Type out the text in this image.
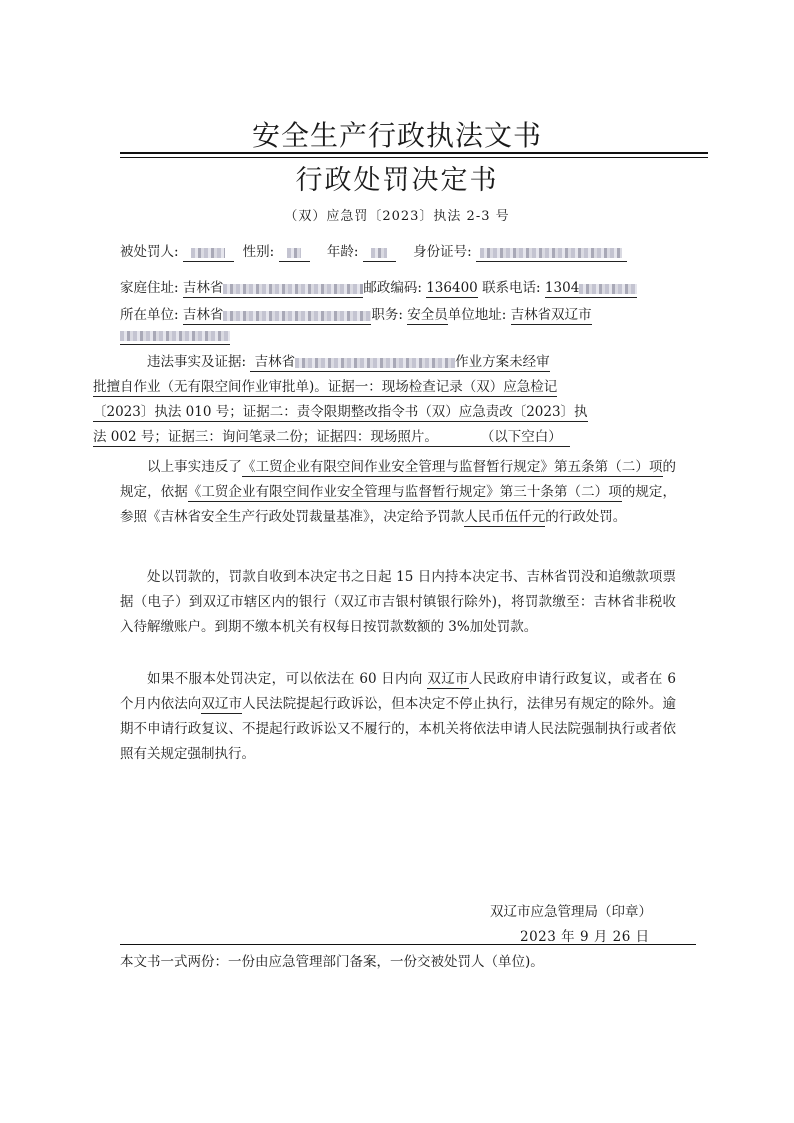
安全生产行政执法文书
行政处罚决定书
（双）应急罚〔2023〕执法 2-3 号
被处罚人:	性别:	年龄:	身份证号:
家庭住址: 吉林省	邮政编码: 136400 联系电话: 1304
所在单位: 吉林省	职务: 安全员单位地址: 吉林省双辽市

违法事实及证据: 吉林省	作业方案未经审
批擅自作业（无有限空间作业审批单)。证据一：现场检查记录（双）应急检记
〔2023〕执法 010 号；证据二：责令限期整改指令书（双）应急责改〔2023〕执
法 002 号；证据三：询问笔录二份；证据四：现场照片。	（以下空白）

以上事实违反了《工贸企业有限空间作业安全管理与监督暂行规定》第五条第（二）项的规定，依据《工贸企业有限空间作业安全管理与监督暂行规定》第三十条第（二）项的规定，参照《吉林省安全生产行政处罚裁量基准》，决定给予罚款人民币伍仟元的行政处罚。

处以罚款的，罚款自收到本决定书之日起 15 日内持本决定书、吉林省罚没和追缴款项票据（电子）到双辽市辖区内的银行（双辽市吉银村镇银行除外)，将罚款缴至：吉林省非税收入待解缴账户。到期不缴本机关有权每日按罚款数额的 3%加处罚款。

如果不服本处罚决定，可以依法在 60 日内向 双辽市人民政府申请行政复议，或者在 6 个月内依法向双辽市人民法院提起行政诉讼，但本决定不停止执行，法律另有规定的除外。逾期不申请行政复议、不提起行政诉讼又不履行的，本机关将依法申请人民法院强制执行或者依照有关规定强制执行。

双辽市应急管理局（印章）
2023 年 9 月 26 日
本文书一式两份：一份由应急管理部门备案，一份交被处罚人（单位)。
